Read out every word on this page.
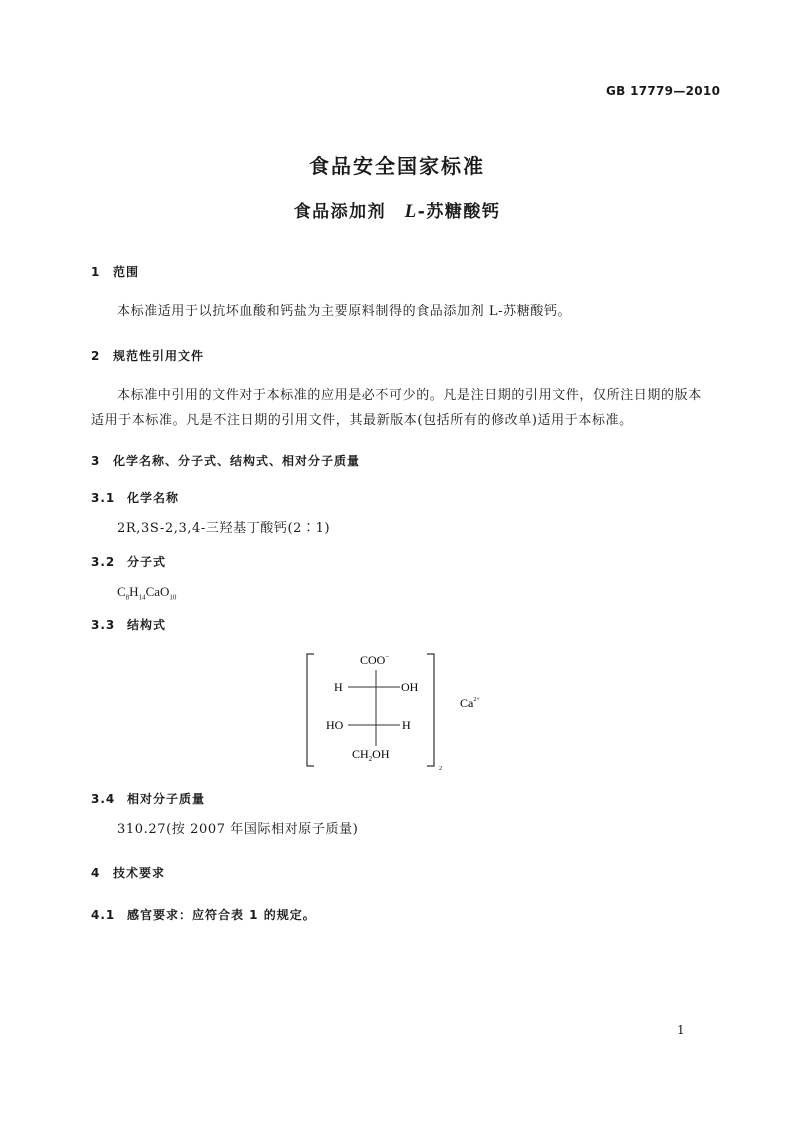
GB 17779—2010
食品安全国家标准
食品添加剂　L-苏糖酸钙
1 范围
本标准适用于以抗坏血酸和钙盐为主要原料制得的食品添加剂 L-苏糖酸钙。
2 规范性引用文件
本标准中引用的文件对于本标准的应用是必不可少的。凡是注日期的引用文件，仅所注日期的版本适用于本标准。凡是不注日期的引用文件，其最新版本(包括所有的修改单)适用于本标准。
3 化学名称、分子式、结构式、相对分子质量
3.1 化学名称
2R,3S-2,3,4-三羟基丁酸钙(2∶1)
3.2 分子式
$C_8H_{14}CaO_{10}$
3.3 结构式
COO−
H	OH
HO	H
$CH_2OH$
2
$Ca^{2+}$
3.4 相对分子质量
310.27(按 2007 年国际相对原子质量)
4 技术要求
4.1 感官要求：应符合表 1 的规定。
1
